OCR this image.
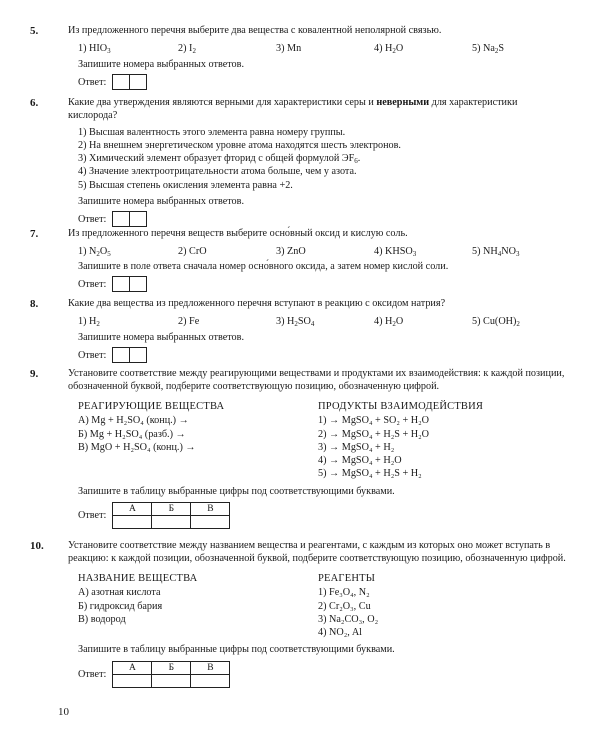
5.	Из предложенного перечня выберите два вещества с ковалентной неполярной связью.
1) $HIO_3$	2) $I_2$	3) Mn	4) $H_2O$	5) $Na_2S$
Запишите номера выбранных ответов.
Ответ:
6.	Какие два утверждения являются верными для характеристики серы и неверными для характеристики кислорода?
1) Высшая валентность этого элемента равна номеру группы.
2) На внешнем энергетическом уровне атома находятся шесть электронов.
3) Химический элемент образует фторид с общей формулой $ЭF_6$.
4) Значение электроотрицательности атома больше, чем у азота.
5) Высшая степень окисления элемента равна +2.
Запишите номера выбранных ответов.
Ответ:
7.	Из предложенного перечня веществ выберите осно́вный оксид и кислую соль.
1) $N_2O_5$	2) CrO	3) ZnO	4) $KHSO_3$	5) $NH_4NO_3$
Запишите в поле ответа сначала номер осно́вного оксида, а затем номер кислой соли.
Ответ:
8.	Какие два вещества из предложенного перечня вступают в реакцию с оксидом натрия?
1) $H_2$	2) Fe	3) $H_2SO_4$	4) $H_2O$	5) $Cu(OH)_2$
Запишите номера выбранных ответов.
Ответ:
9.	Установите соответствие между реагирующими веществами и продуктами их взаимодействия: к каждой позиции, обозначенной буквой, подберите соответствующую позицию, обозначенную цифрой.
РЕАГИРУЮЩИЕ ВЕЩЕСТВА
А) Mg + H₂SO₄ (конц.) →
Б) Mg + H₂SO₄ (разб.) →
В) MgO + H₂SO₄ (конц.) →
ПРОДУКТЫ ВЗАИМОДЕЙСТВИЯ
1) → MgSO₄ + SO₂ + H₂O
2) → MgSO₄ + H₂S + H₂O
3) → MgSO₄ + H₂
4) → MgSO₄ + H₂O
5) → MgSO₄ + H₂S + H₂
Запишите в таблицу выбранные цифры под соответствующими буквами.
Ответ:
А	Б	В

10.	Установите соответствие между названием вещества и реагентами, с каждым из которых оно может вступать в реакцию: к каждой позиции, обозначенной буквой, подберите соответствующую позицию, обозначенную цифрой.
НАЗВАНИЕ ВЕЩЕСТВА
А) азотная кислота
Б) гидроксид бария
В) водород
РЕАГЕНТЫ
1) Fe₃O₄, N₂
2) Cr₂O₃, Cu
3) Na₂CO₃, O₂
4) NO₂, Al
Запишите в таблицу выбранные цифры под соответствующими буквами.
Ответ:
А	Б	В

10
